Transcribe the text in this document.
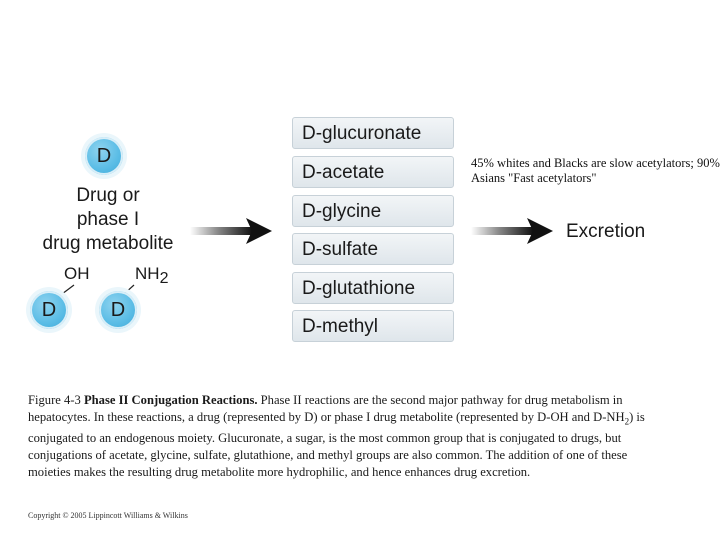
D
Drug or
phase I
drug metabolite
OH	$NH_2$
D	D
D-glucuronate
D-acetate
D-glycine
D-sulfate
D-glutathione
D-methyl
45% whites and Blacks are slow acetylators; 90% Asians "Fast acetylators"
Excretion
Figure 4-3 Phase II Conjugation Reactions. Phase II reactions are the second major pathway for drug metabolism in hepatocytes. In these reactions, a drug (represented by D) or phase I drug metabolite (represented by D-OH and $D-NH_2$) is conjugated to an endogenous moiety. Glucuronate, a sugar, is the most common group that is conjugated to drugs, but conjugations of acetate, glycine, sulfate, glutathione, and methyl groups are also common. The addition of one of these moieties makes the resulting drug metabolite more hydrophilic, and hence enhances drug excretion.
Copyright © 2005 Lippincott Williams & Wilkins
